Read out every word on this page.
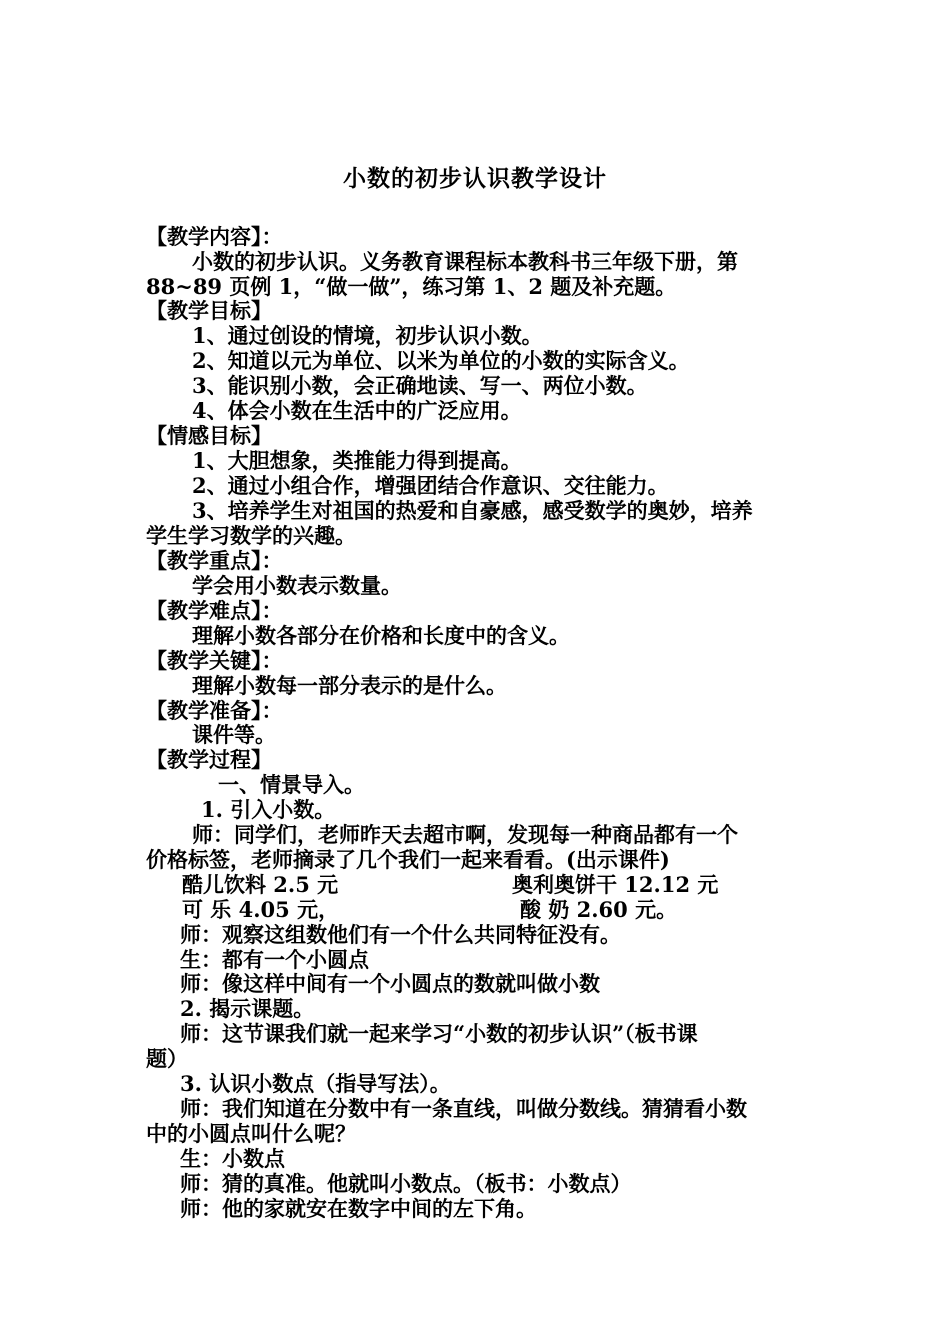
小数的初步认识教学设计
【教学内容】：
小数的初步认识。义务教育课程标本教科书三年级下册，第
88~89 页例 1，“做一做”，练习第 1、2 题及补充题。
【教学目标】
1、通过创设的情境，初步认识小数。
2、知道以元为单位、以米为单位的小数的实际含义。
3、能识别小数，会正确地读、写一、两位小数。
4、体会小数在生活中的广泛应用。
【情感目标】
1、大胆想象，类推能力得到提高。
2、通过小组合作，增强团结合作意识、交往能力。
3、培养学生对祖国的热爱和自豪感，感受数学的奥妙，培养
学生学习数学的兴趣。
【教学重点】：
学会用小数表示数量。
【教学难点】：
理解小数各部分在价格和长度中的含义。
【教学关键】：
理解小数每一部分表示的是什么。
【教学准备】：
课件等。
【教学过程】
一、情景导入。
1. 引入小数。
师：同学们，老师昨天去超市啊，发现每一种商品都有一个
价格标签，老师摘录了几个我们一起来看看。(出示课件)
酷儿饮料 2.5 元	奥利奥饼干 12.12 元
可 乐 4.05 元，	酸 奶 2.60 元。
师：观察这组数他们有一个什么共同特征没有。
生：都有一个小圆点
师：像这样中间有一个小圆点的数就叫做小数
2. 揭示课题。
师：这节课我们就一起来学习“小数的初步认识”（板书课
题）
3. 认识小数点（指导写法）。
师：我们知道在分数中有一条直线，叫做分数线。猜猜看小数
中的小圆点叫什么呢？
生：小数点
师：猜的真准。他就叫小数点。（板书：小数点）
师：他的家就安在数字中间的左下角。
